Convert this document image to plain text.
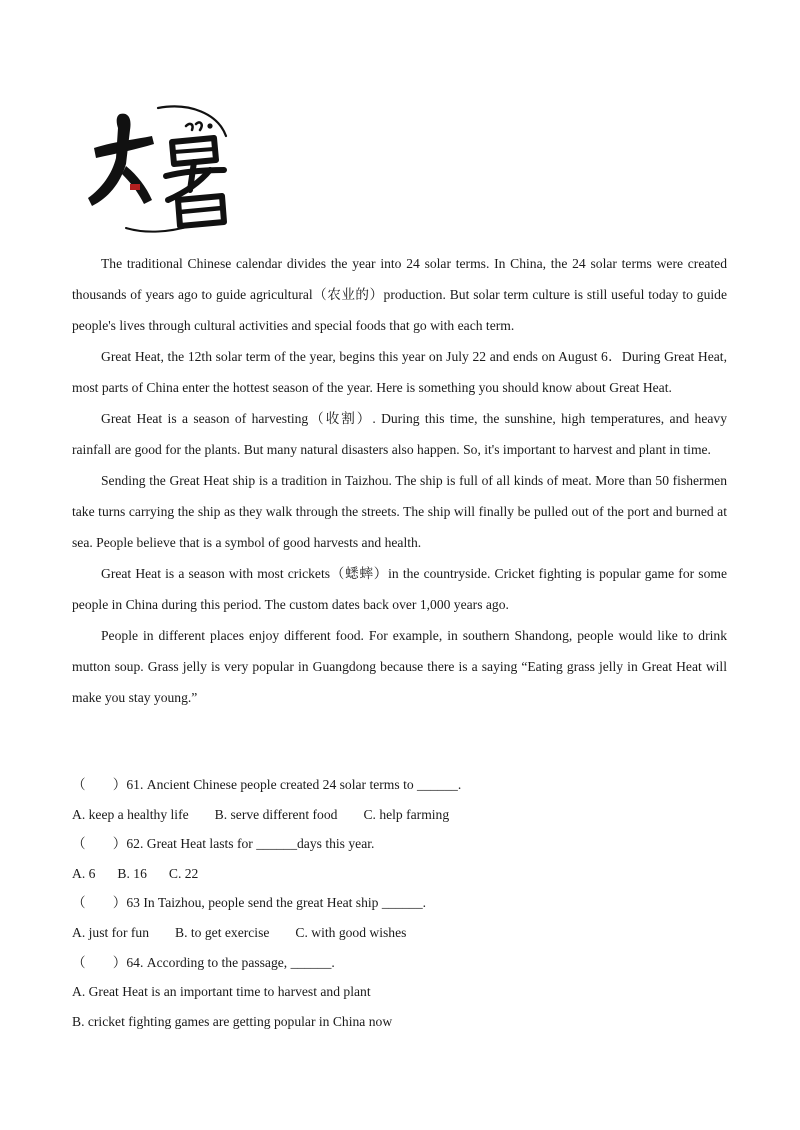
The traditional Chinese calendar divides the year into 24 solar terms. In China, the 24 solar terms were created thousands of years ago to guide agricultural（农业的）production. But solar term culture is still useful today to guide people's lives through cultural activities and special foods that go with each term.

Great Heat, the 12th solar term of the year, begins this year on July 22 and ends on August 6．During Great Heat, most parts of China enter the hottest season of the year. Here is something you should know about Great Heat.

Great Heat is a season of harvesting（收割）. During this time, the sunshine, high temperatures, and heavy rainfall are good for the plants. But many natural disasters also happen. So, it's important to harvest and plant in time.

Sending the Great Heat ship is a tradition in Taizhou. The ship is full of all kinds of meat. More than 50 fishermen take turns carrying the ship as they walk through the streets. The ship will finally be pulled out of the port and burned at sea. People believe that is a symbol of good harvests and health.

Great Heat is a season with most crickets（蟋蟀）in the countryside. Cricket fighting is popular game for some people in China during this period. The custom dates back over 1,000 years ago.

People in different places enjoy different food. For example, in southern Shandong, people would like to drink mutton soup. Grass jelly is very popular in Guangdong because there is a saying “Eating grass jelly in Great Heat will make you stay young.”

（　　）61. Ancient Chinese people created 24 solar terms to ______.

A. keep a healthy life B. serve different food C. help farming

（　　）62. Great Heat lasts for ______days this year.

A. 6 B. 16 C. 22

（　　）63 In Taizhou, people send the great Heat ship ______.

A. just for fun B. to get exercise C. with good wishes

（　　）64. According to the passage, ______.

A. Great Heat is an important time to harvest and plant

B. cricket fighting games are getting popular in China now
